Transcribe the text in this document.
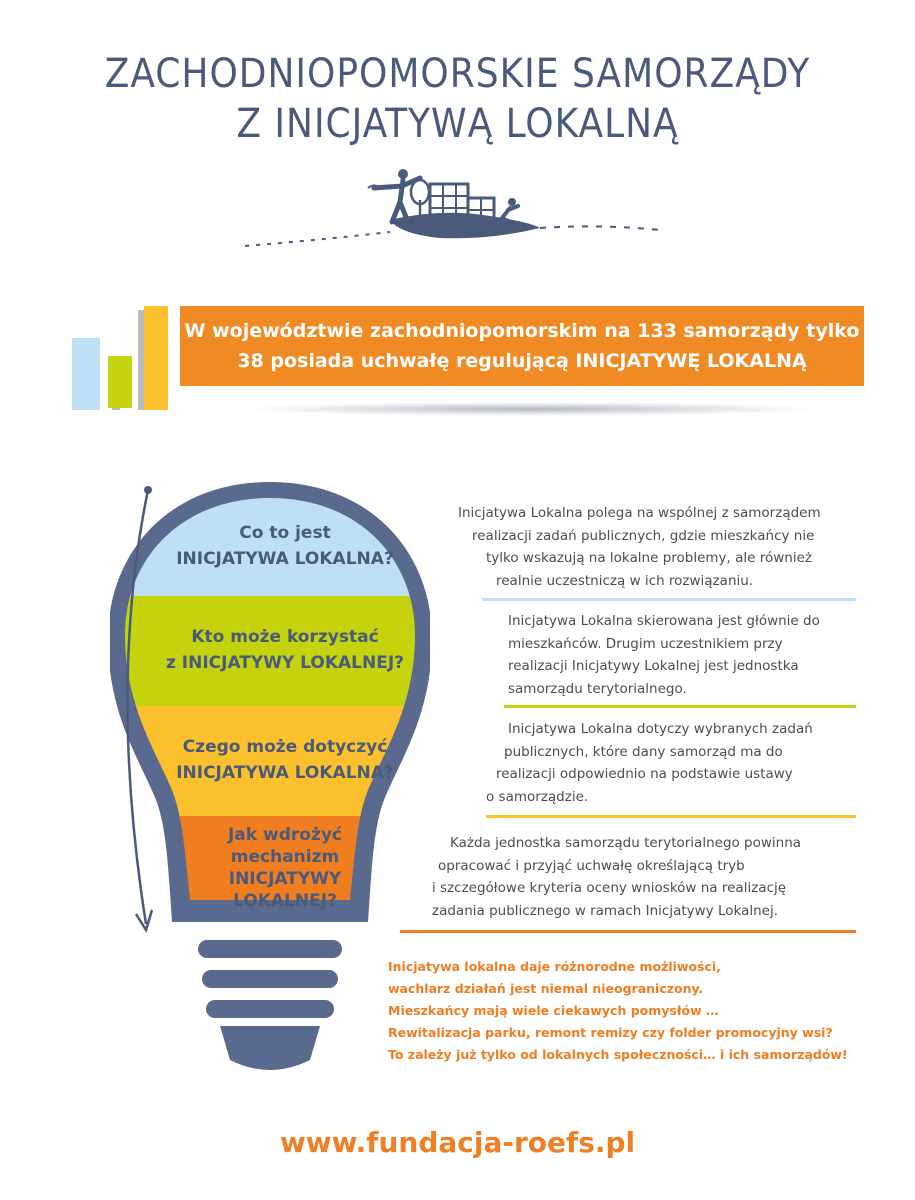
ZACHODNIOPOMORSKIE SAMORZĄDY
Z INICJATYWĄ LOKALNĄ
W województwie zachodniopomorskim na 133 samorządy tylko
38 posiada uchwałę regulującą INICJATYWĘ LOKALNĄ
Co to jest
INICJATYWA LOKALNA?
Kto może korzystać
z INICJATYWY LOKALNEJ?
Czego może dotyczyć
INICJATYWA LOKALNA?
Jak wdrożyć
mechanizm
INICJATYWY
LOKALNEJ?
Inicjatywa Lokalna polega na wspólnej z samorządem
realizacji zadań publicznych, gdzie mieszkańcy nie
tylko wskazują na lokalne problemy, ale również
realnie uczestniczą w ich rozwiązaniu.
Inicjatywa Lokalna skierowana jest głównie do
mieszkańców. Drugim uczestnikiem przy
realizacji Inicjatywy Lokalnej jest jednostka
samorządu terytorialnego.
Inicjatywa Lokalna dotyczy wybranych zadań
publicznych, które dany samorząd ma do
realizacji odpowiednio na podstawie ustawy
o samorządzie.
Każda jednostka samorządu terytorialnego powinna
opracować i przyjąć uchwałę określającą tryb
i szczegółowe kryteria oceny wniosków na realizację
zadania publicznego w ramach Inicjatywy Lokalnej.
Inicjatywa lokalna daje różnorodne możliwości,
wachlarz działań jest niemal nieograniczony.
Mieszkańcy mają wiele ciekawych pomysłów …
Rewitalizacja parku, remont remizy czy folder promocyjny wsi?
To zależy już tylko od lokalnych społeczności… i ich samorządów!
www.fundacja-roefs.pl
